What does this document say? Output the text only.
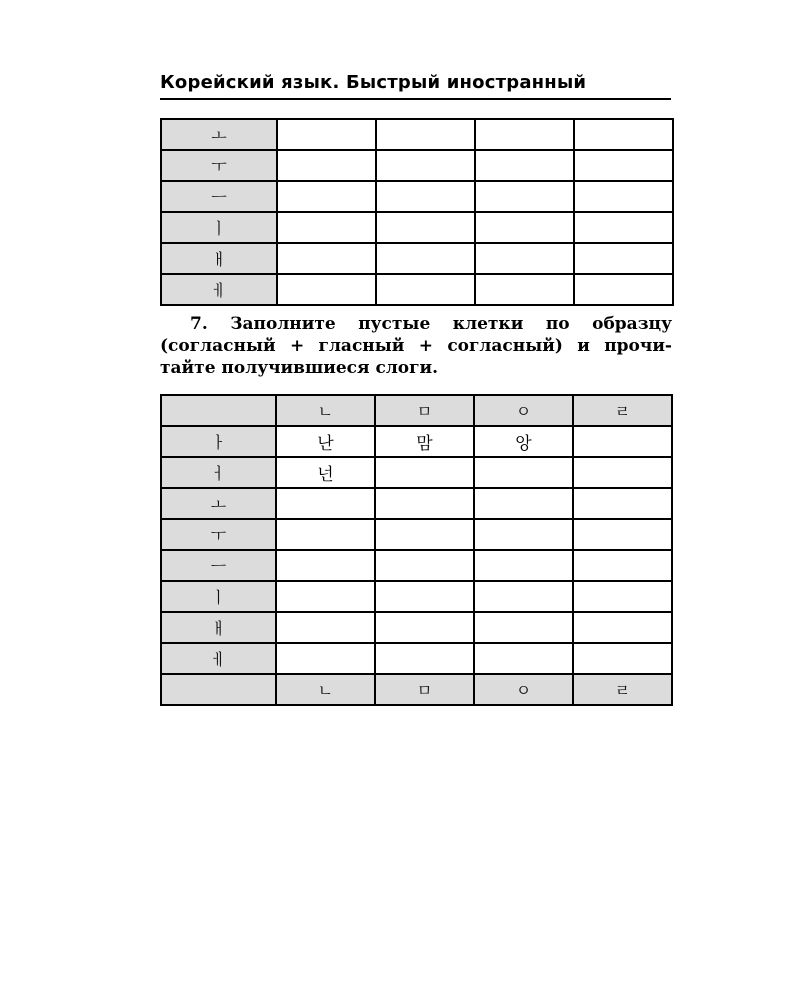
Корейский язык. Быстрый иностранный
ㅗ				
ㅜ				
ㅡ				
ㅣ				
ㅐ				
ㅔ				
7. Заполните пустые клетки по образцу
(согласный + гласный + согласный) и прочи-
тайте получившиеся слоги.
	ㄴ	ㅁ	ㅇ	ㄹ
ㅏ	난	맘	앙	
ㅓ	넌			
ㅗ				
ㅜ				
ㅡ				
ㅣ				
ㅐ				
ㅔ				
	ㄴ	ㅁ	ㅇ	ㄹ
